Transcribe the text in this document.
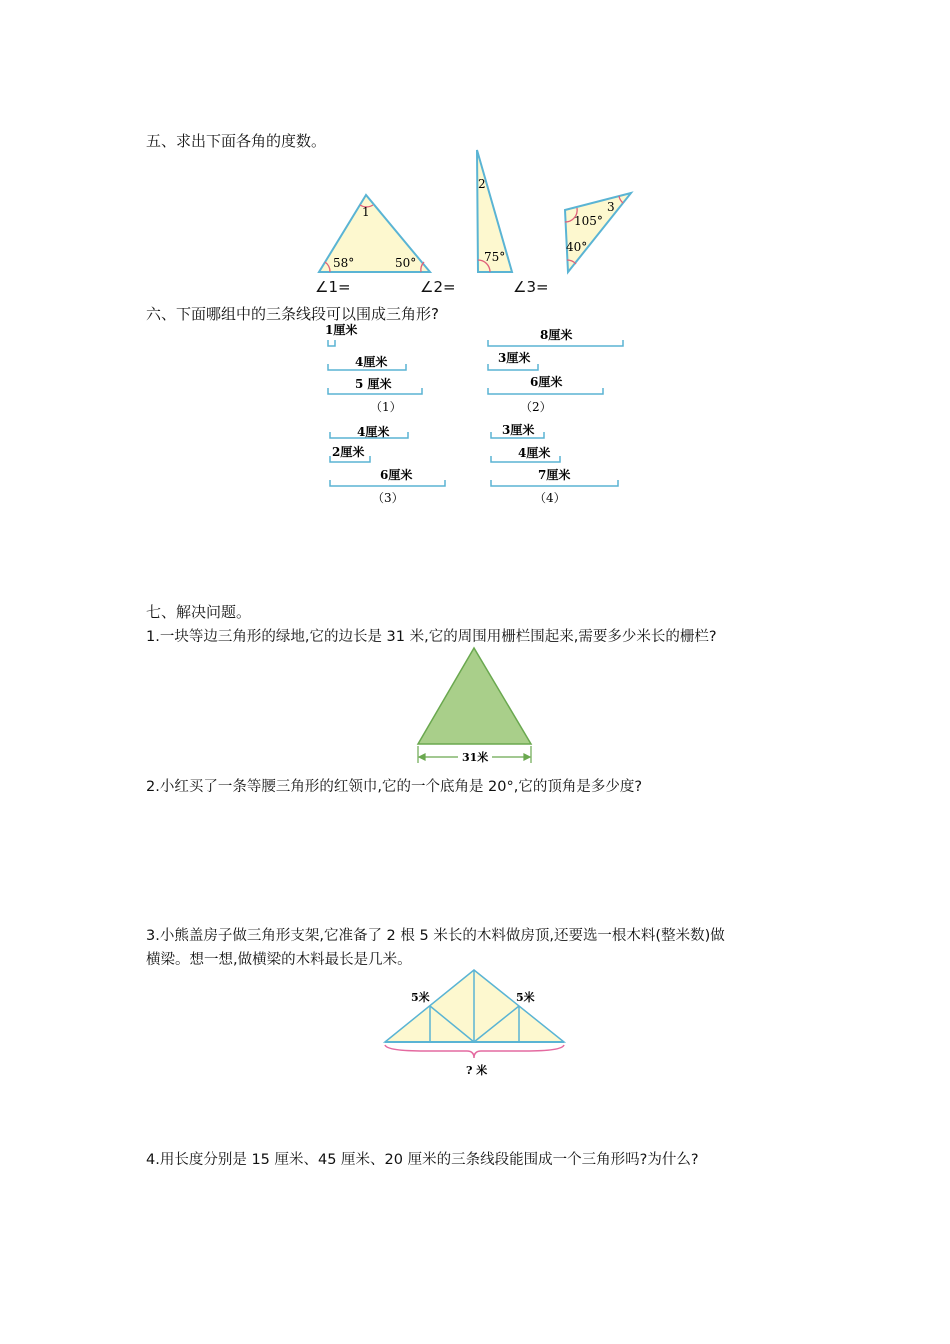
五、求出下面各角的度数。
1
58°	50°
2
75°
105°
3
40°
∠1=	∠2=	∠3=
六、下面哪组中的三条线段可以围成三角形?
1厘米
4厘米
5 厘米
（1）
8厘米
3厘米
6厘米
（2）
4厘米
2厘米
6厘米
（3）
3厘米
4厘米
7厘米
（4）
七、解决问题。
1.一块等边三角形的绿地,它的边长是 31 米,它的周围用栅栏围起来,需要多少米长的栅栏?
31米
2.小红买了一条等腰三角形的红领巾,它的一个底角是 20°,它的顶角是多少度?
3.小熊盖房子做三角形支架,它准备了 2 根 5 米长的木料做房顶,还要选一根木料(整米数)做
横梁。想一想,做横梁的木料最长是几米。
5米	5米
? 米
4.用长度分别是 15 厘米、45 厘米、20 厘米的三条线段能围成一个三角形吗?为什么?
